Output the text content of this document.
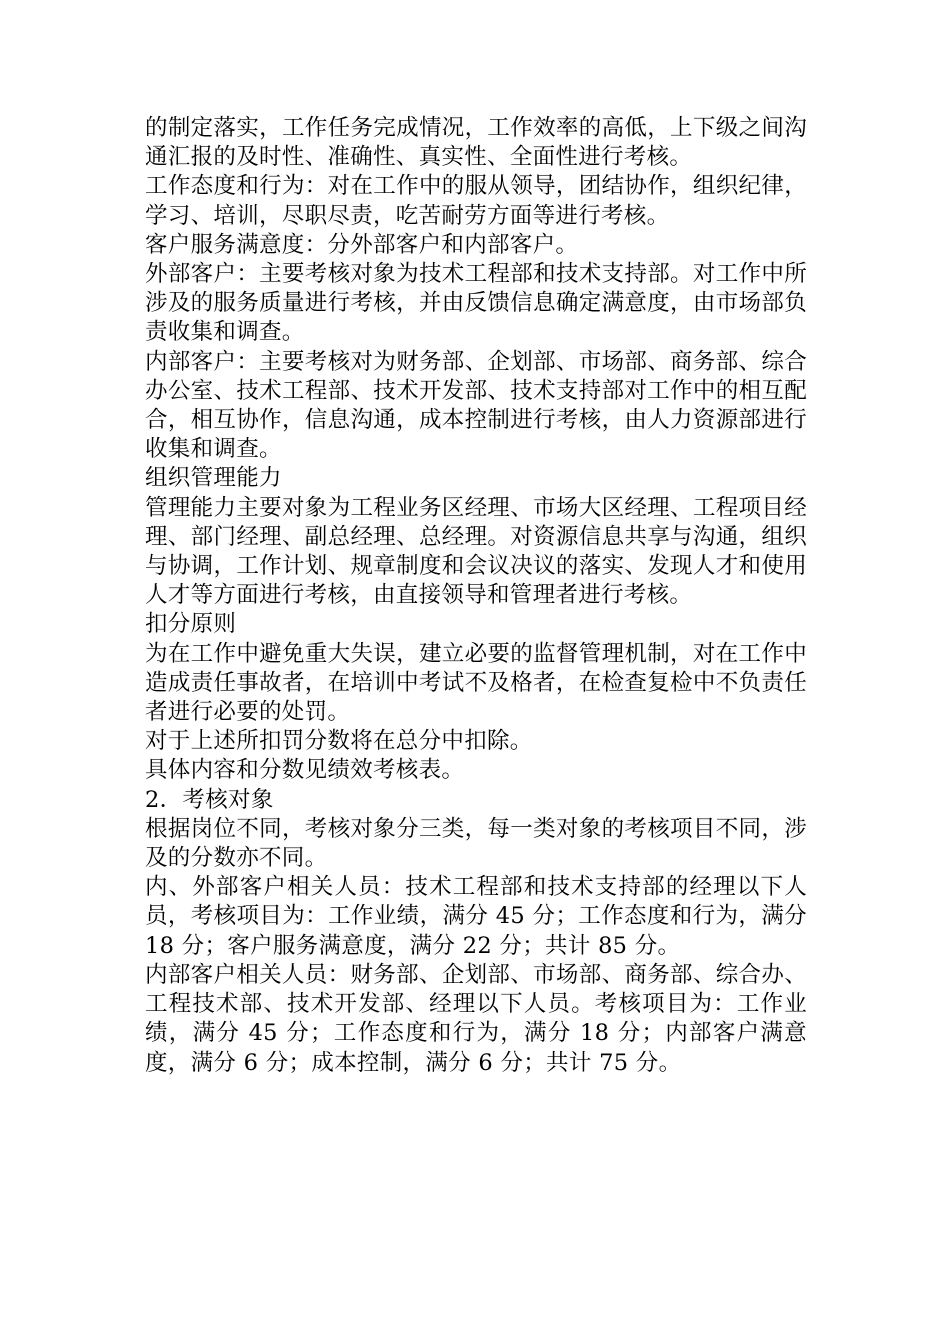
的制定落实，工作任务完成情况，工作效率的高低，上下级之间沟通汇报的及时性、准确性、真实性、全面性进行考核。

工作态度和行为：对在工作中的服从领导，团结协作，组织纪律，学习、培训，尽职尽责，吃苦耐劳方面等进行考核。

客户服务满意度：分外部客户和内部客户。

外部客户：主要考核对象为技术工程部和技术支持部。对工作中所涉及的服务质量进行考核，并由反馈信息确定满意度，由市场部负责收集和调查。

内部客户：主要考核对为财务部、企划部、市场部、商务部、综合办公室、技术工程部、技术开发部、技术支持部对工作中的相互配合，相互协作，信息沟通，成本控制进行考核，由人力资源部进行收集和调查。

组织管理能力

管理能力主要对象为工程业务区经理、市场大区经理、工程项目经理、部门经理、副总经理、总经理。对资源信息共享与沟通，组织与协调，工作计划、规章制度和会议决议的落实、发现人才和使用人才等方面进行考核，由直接领导和管理者进行考核。

扣分原则

为在工作中避免重大失误，建立必要的监督管理机制，对在工作中造成责任事故者，在培训中考试不及格者，在检查复检中不负责任者进行必要的处罚。

对于上述所扣罚分数将在总分中扣除。

具体内容和分数见绩效考核表。

2．考核对象

根据岗位不同，考核对象分三类，每一类对象的考核项目不同，涉及的分数亦不同。

内、外部客户相关人员：技术工程部和技术支持部的经理以下人员，考核项目为：工作业绩，满分 45 分；工作态度和行为，满分 18 分；客户服务满意度，满分 22 分；共计 85 分。

内部客户相关人员：财务部、企划部、市场部、商务部、综合办、工程技术部、技术开发部、经理以下人员。考核项目为：工作业绩，满分 45 分；工作态度和行为，满分 18 分；内部客户满意度，满分 6 分；成本控制，满分 6 分；共计 75 分。
